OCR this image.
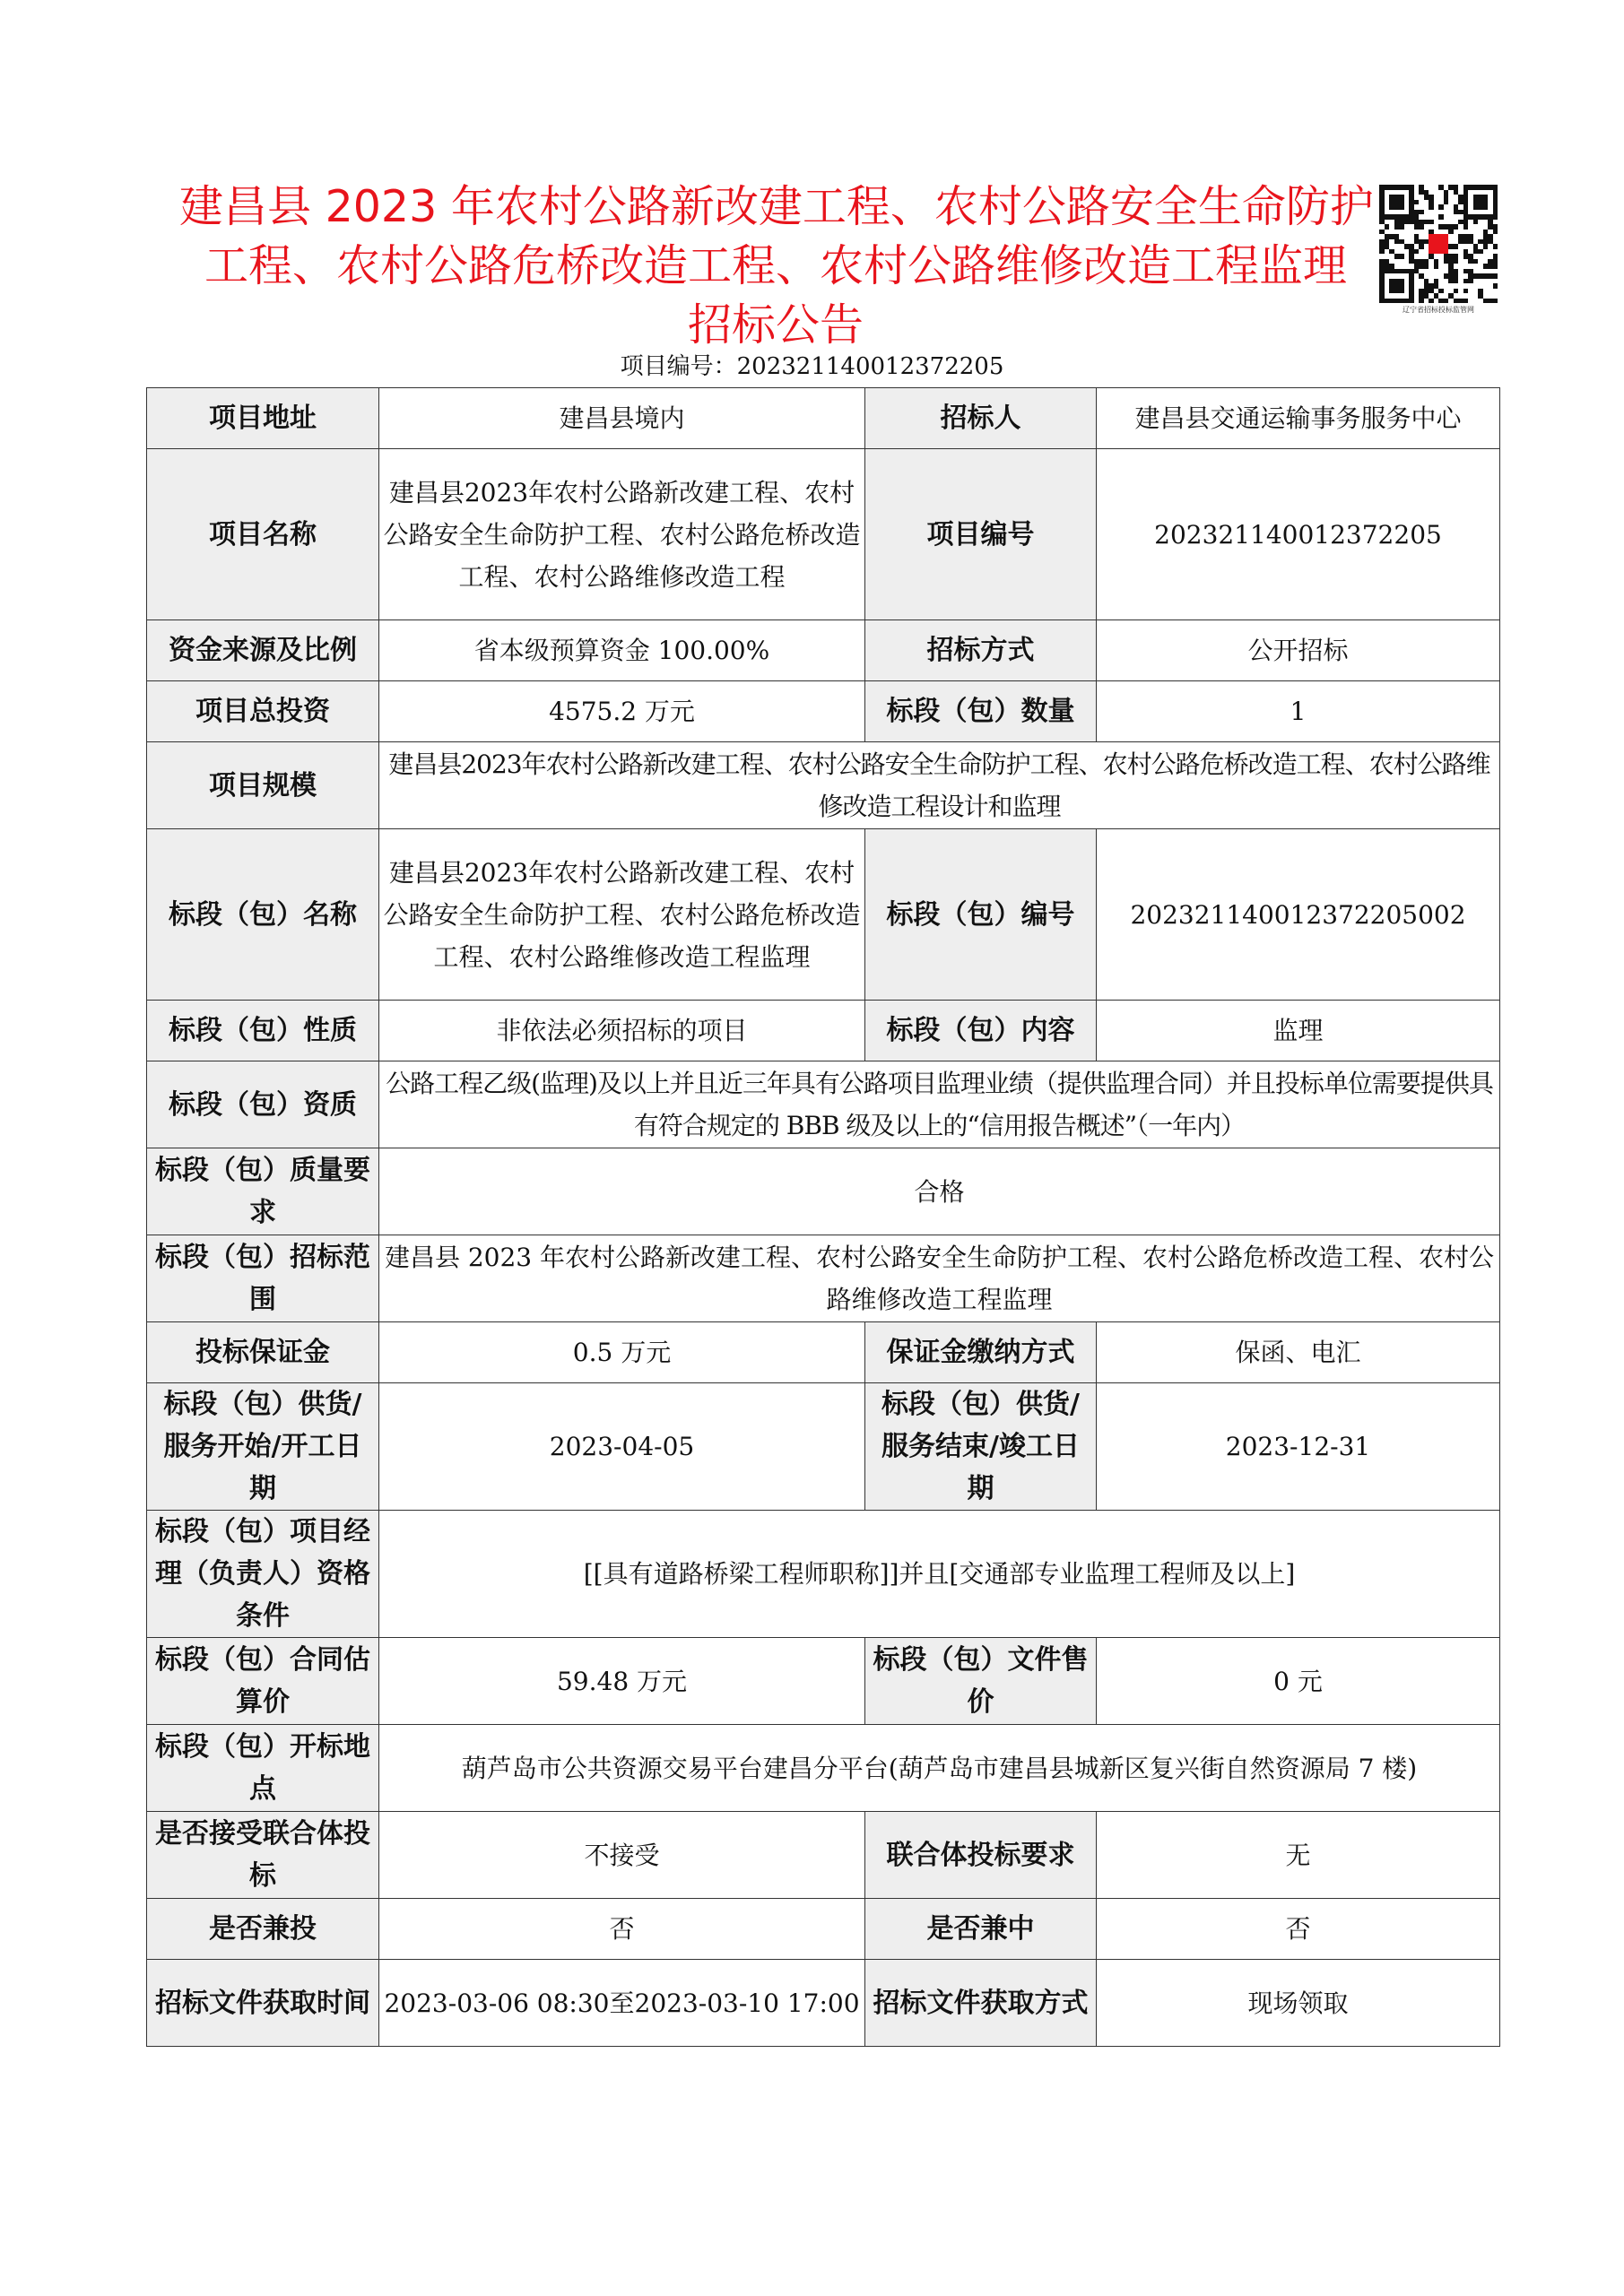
建昌县 2023 年农村公路新改建工程、农村公路安全生命防护
工程、农村公路危桥改造工程、农村公路维修改造工程监理
招标公告	辽宁省招标投标监管网
项目编号：202321140012372205
项目地址	建昌县境内	招标人	建昌县交通运输事务服务中心
项目名称	建昌县2023年农村公路新改建工程、农村公路安全生命防护工程、农村公路危桥改造工程、农村公路维修改造工程	项目编号	202321140012372205
资金来源及比例	省本级预算资金 100.00%	招标方式	公开招标
项目总投资	4575.2 万元	标段（包）数量	1
项目规模	建昌县2023年农村公路新改建工程、农村公路安全生命防护工程、农村公路危桥改造工程、农村公路维修改造工程设计和监理		
标段（包）名称	建昌县2023年农村公路新改建工程、农村公路安全生命防护工程、农村公路危桥改造工程、农村公路维修改造工程监理	标段（包）编号	202321140012372205002
标段（包）性质	非依法必须招标的项目	标段（包）内容	监理
标段（包）资质	公路工程乙级(监理)及以上并且近三年具有公路项目监理业绩（提供监理合同）并且投标单位需要提供具有符合规定的 BBB 级及以上的“信用报告概述”（一年内）		
标段（包）质量要求	合格		
标段（包）招标范围	建昌县 2023 年农村公路新改建工程、农村公路安全生命防护工程、农村公路危桥改造工程、农村公路维修改造工程监理		
投标保证金	0.5 万元	保证金缴纳方式	保函、电汇
标段（包）供货/服务开始/开工日期	2023-04-05	标段（包）供货/服务结束/竣工日期	2023-12-31
标段（包）项目经理（负责人）资格条件	[[具有道路桥梁工程师职称]]并且[交通部专业监理工程师及以上]		
标段（包）合同估算价	59.48 万元	标段（包）文件售价	0 元
标段（包）开标地点	葫芦岛市公共资源交易平台建昌分平台(葫芦岛市建昌县城新区复兴街自然资源局 7 楼)		
是否接受联合体投标	不接受	联合体投标要求	无
是否兼投	否	是否兼中	否
招标文件获取时间	2023-03-06 08:30至2023-03-10 17:00	招标文件获取方式	现场领取
